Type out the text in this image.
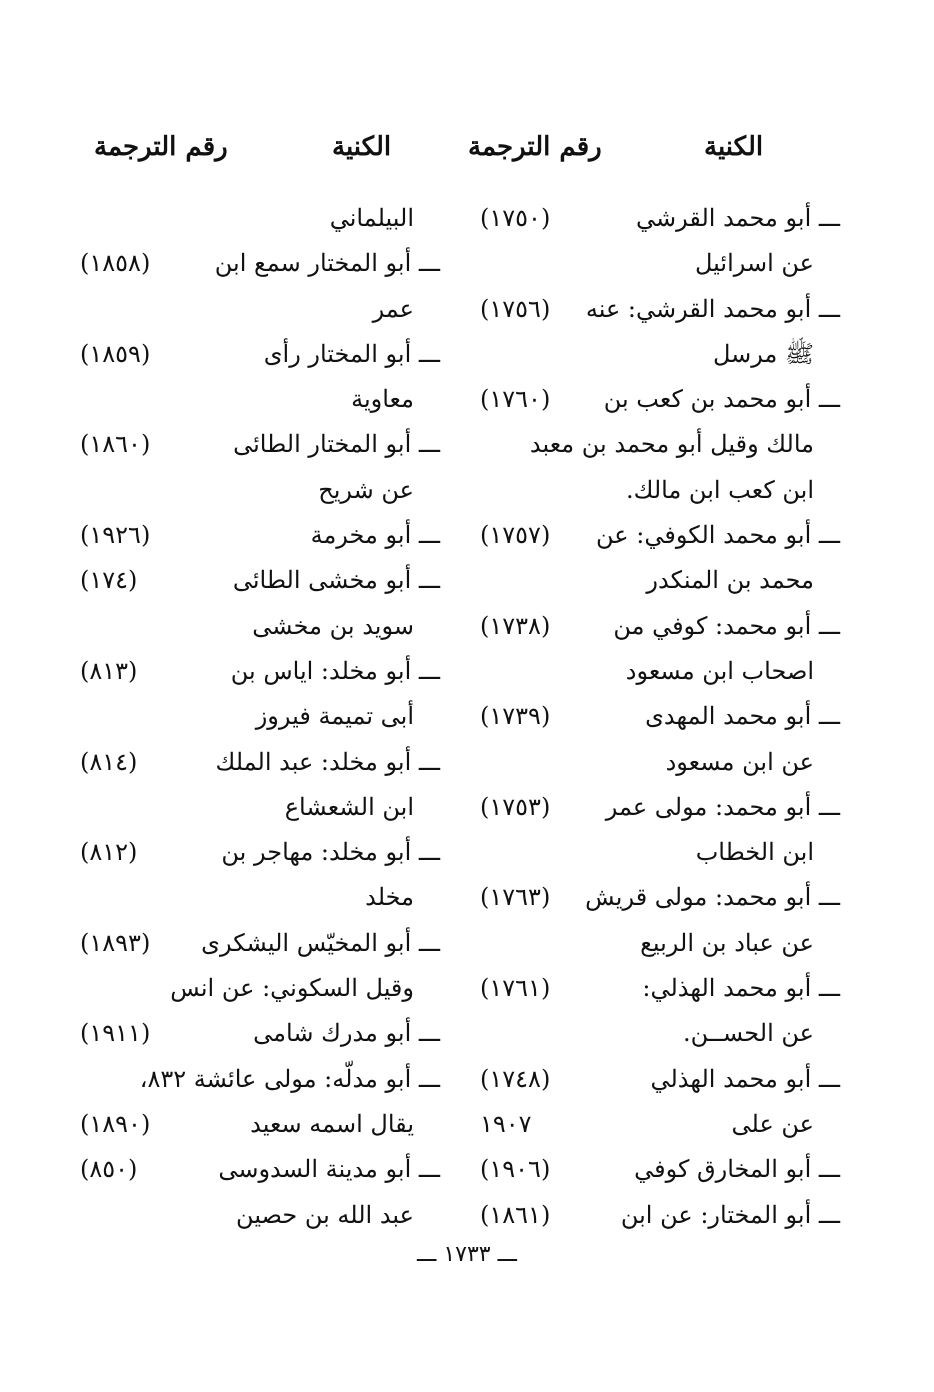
الكنية
رقم الترجمة
الكنية
رقم الترجمة
ـــ أبو محمد القرشي
(١٧٥٠)
عن اسرائيل
ـــ أبو محمد القرشي: عنه
(١٧٥٦)
ﷺ مرسل
ـــ أبو محمد بن كعب بن
(١٧٦٠)
مالك وقيل أبو محمد بن معبد
ابن كعب ابن مالك.
ـــ أبو محمد الكوفي: عن
(١٧٥٧)
محمد بن المنكدر
ـــ أبو محمد: كوفي من
(١٧٣٨)
اصحاب ابن مسعود
ـــ أبو محمد المهدى
(١٧٣٩)
عن ابن مسعود
ـــ أبو محمد: مولى عمر
(١٧٥٣)
ابن الخطاب
ـــ أبو محمد: مولى قريش
(١٧٦٣)
عن عباد بن الربيع
ـــ أبو محمد الهذلي:
(١٧٦١)
عن الحســن.
ـــ أبو محمد الهذلي
(١٧٤٨)
عن على
١٩٠٧
ـــ أبو المخارق كوفي
(١٩٠٦)
ـــ أبو المختار: عن ابن
(١٨٦١)
البيلماني
ـــ أبو المختار سمع ابن
(١٨٥٨)
عمر
ـــ أبو المختار رأى
(١٨٥٩)
معاوية
ـــ أبو المختار الطائى
(١٨٦٠)
عن شريح
ـــ أبو مخرمة
(١٩٢٦)
ـــ أبو مخشى الطائى
(١٧٤)
سويد بن مخشى
ـــ أبو مخلد: اياس بن
(٨١٣)
أبى تميمة فيروز
ـــ أبو مخلد: عبد الملك
(٨١٤)
ابن الشعشاع
ـــ أبو مخلد: مهاجر بن
(٨١٢)
مخلد
ـــ أبو المخيّس اليشكرى
(١٨٩٣)
وقيل السكوني: عن انس
ـــ أبو مدرك شامى
(١٩١١)
ـــ أبو مدلّه: مولى عائشة ٨٣٢،
يقال اسمه سعيد
(١٨٩٠)
ـــ أبو مدينة السدوسى
(٨٥٠)
عبد الله بن حصين
ـــ ١٧٣٣ ـــ
